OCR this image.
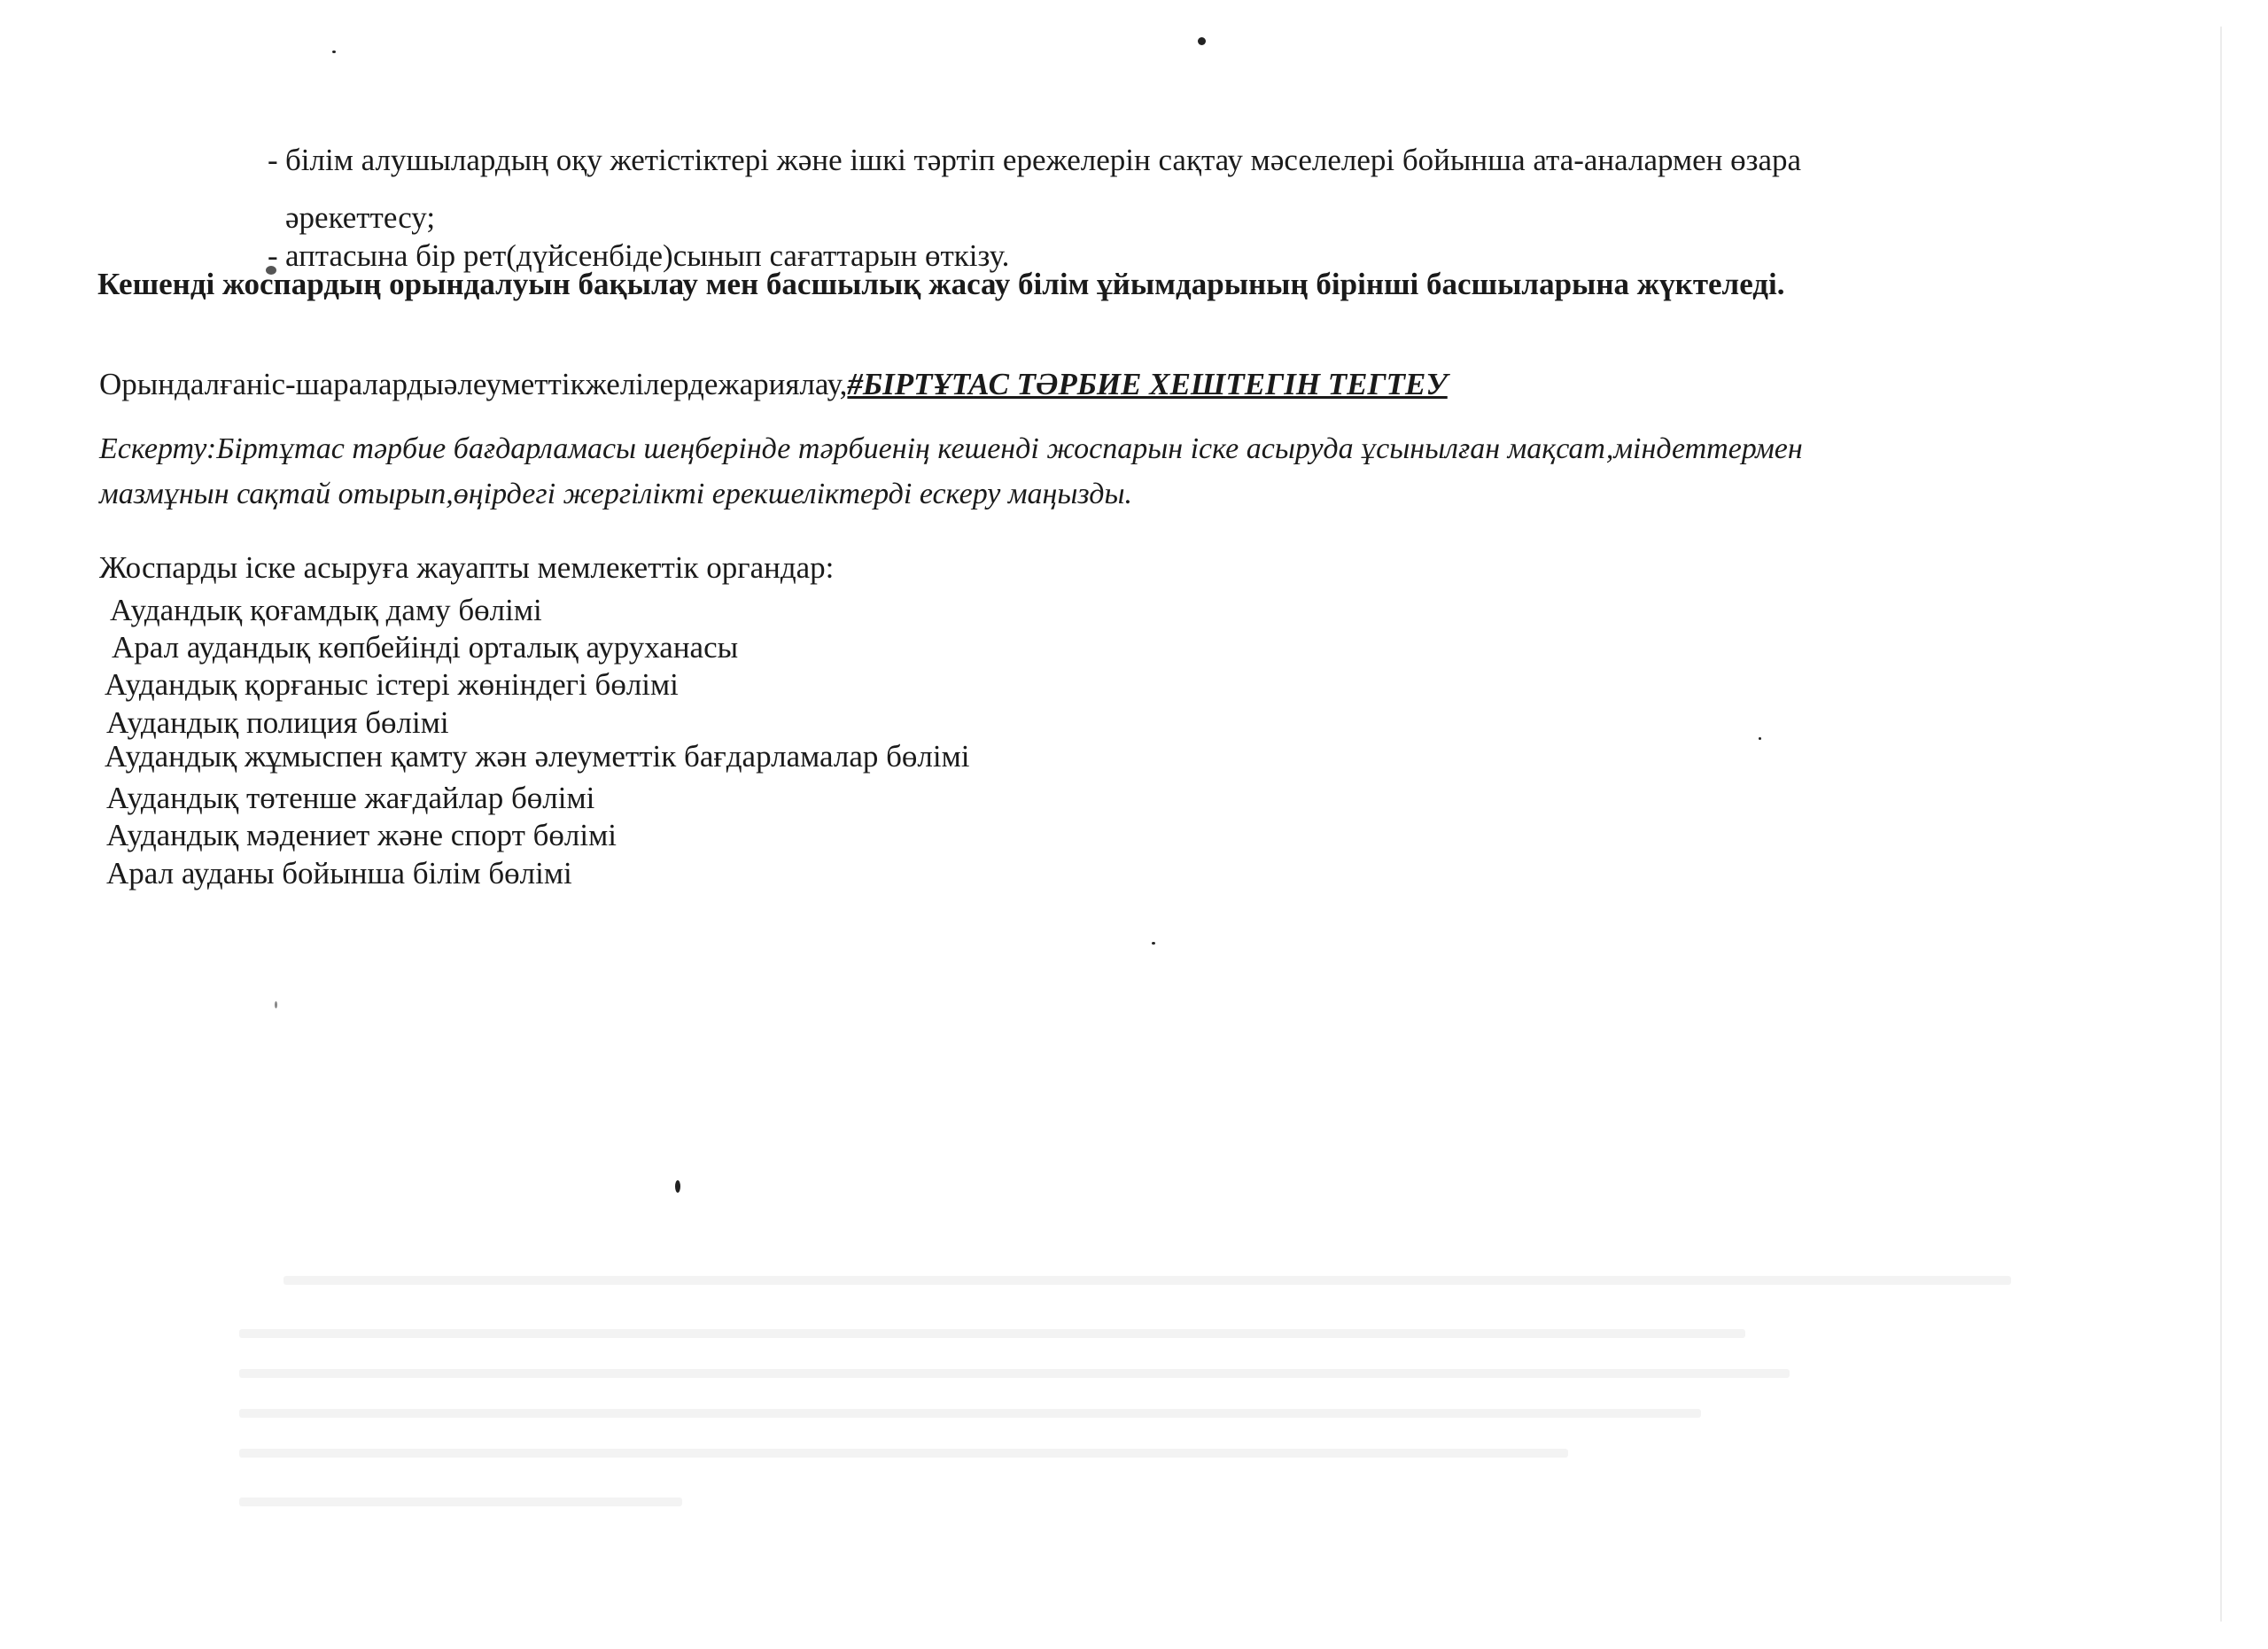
- білім алушылардың оқу жетістіктері және ішкі тәртіп ережелерін сақтау мәселелері бойынша ата-аналармен өзара

әрекеттесу;

- аптасына бір рет(дүйсенбіде)сынып сағаттарын өткізу.

Кешенді жоспардың орындалуын бақылау мен басшылық жасау білім ұйымдарының бірінші басшыларына жүктеледі.

Орындалғаніс-шаралардыәлеуметтікжелілердежариялау,#БІРТҰТАС ТӘРБИЕ ХЕШТЕГІН ТЕГТЕУ

Ескерту:Біртұтас тәрбие бағдарламасы шеңберінде тәрбиенің кешенді жоспарын іске асыруда ұсынылған мақсат,міндеттермен

мазмұнын сақтай отырып,өңірдегі жергілікті ерекшеліктерді ескеру маңызды.

Жоспарды іске асыруға жауапты мемлекеттік органдар:

Аудандық қоғамдық даму бөлімі

Арал аудандық көпбейінді орталық ауруханасы

Аудандық қорғаныс істері жөніндегі бөлімі

Аудандық полиция бөлімі

Аудандық жұмыспен қамту жән әлеуметтік бағдарламалар бөлімі

Аудандық төтенше жағдайлар бөлімі

Аудандық мәдениет және спорт бөлімі

Арал ауданы бойынша білім бөлімі
